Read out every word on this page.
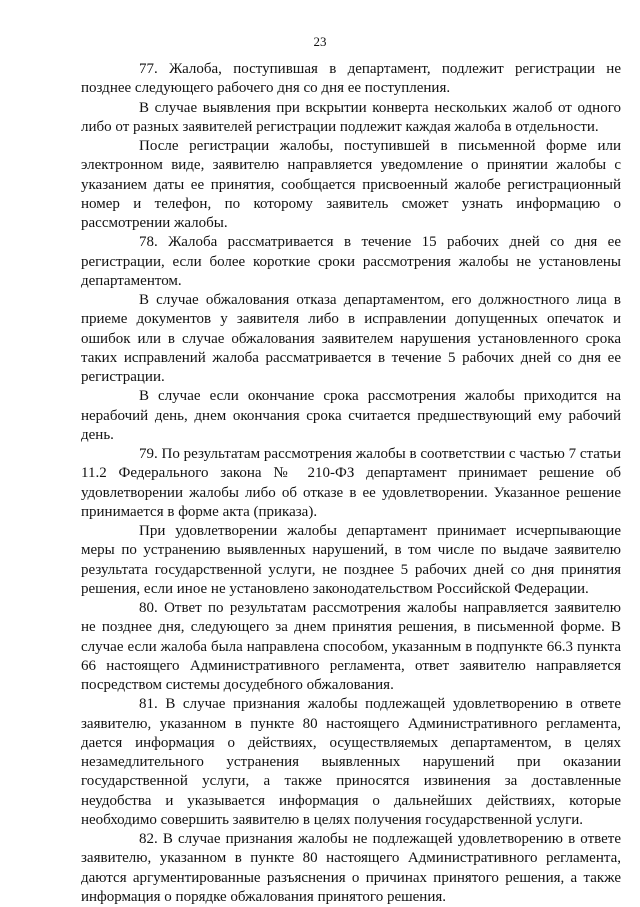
23

77. Жалоба, поступившая в департамент, подлежит регистрации не позднее следующего рабочего дня со дня ее поступления.

В случае выявления при вскрытии конверта нескольких жалоб от одного либо от разных заявителей регистрации подлежит каждая жалоба в отдельности.

После регистрации жалобы, поступившей в письменной форме или электронном виде, заявителю направляется уведомление о принятии жалобы с указанием даты ее принятия, сообщается присвоенный жалобе регистрационный номер и телефон, по которому заявитель сможет узнать информацию о рассмотрении жалобы.

78. Жалоба рассматривается в течение 15 рабочих дней со дня ее регистрации, если более короткие сроки рассмотрения жалобы не установлены департаментом.

В случае обжалования отказа департаментом, его должностного лица в приеме документов у заявителя либо в исправлении допущенных опечаток и ошибок или в случае обжалования заявителем нарушения установленного срока таких исправлений жалоба рассматривается в течение 5 рабочих дней со дня ее регистрации.

В случае если окончание срока рассмотрения жалобы приходится на нерабочий день, днем окончания срока считается предшествующий ему рабочий день.

79. По результатам рассмотрения жалобы в соответствии с частью 7 статьи 11.2 Федерального закона № 210-ФЗ департамент принимает решение об удовлетворении жалобы либо об отказе в ее удовлетворении. Указанное решение принимается в форме акта (приказа).

При удовлетворении жалобы департамент принимает исчерпывающие меры по устранению выявленных нарушений, в том числе по выдаче заявителю результата государственной услуги, не позднее 5 рабочих дней со дня принятия решения, если иное не установлено законодательством Российской Федерации.

80. Ответ по результатам рассмотрения жалобы направляется заявителю не позднее дня, следующего за днем принятия решения, в письменной форме. В случае если жалоба была направлена способом, указанным в подпункте 66.3 пункта 66 настоящего Административного регламента, ответ заявителю направляется посредством системы досудебного обжалования.

81. В случае признания жалобы подлежащей удовлетворению в ответе заявителю, указанном в пункте 80 настоящего Административного регламента, дается информация о действиях, осуществляемых департаментом, в целях незамедлительного устранения выявленных нарушений при оказании государственной услуги, а также приносятся извинения за доставленные неудобства и указывается информация о дальнейших действиях, которые необходимо совершить заявителю в целях получения государственной услуги.

82. В случае признания жалобы не подлежащей удовлетворению в ответе заявителю, указанном в пункте 80 настоящего Административного регламента, даются аргументированные разъяснения о причинах принятого решения, а также информация о порядке обжалования принятого решения.
